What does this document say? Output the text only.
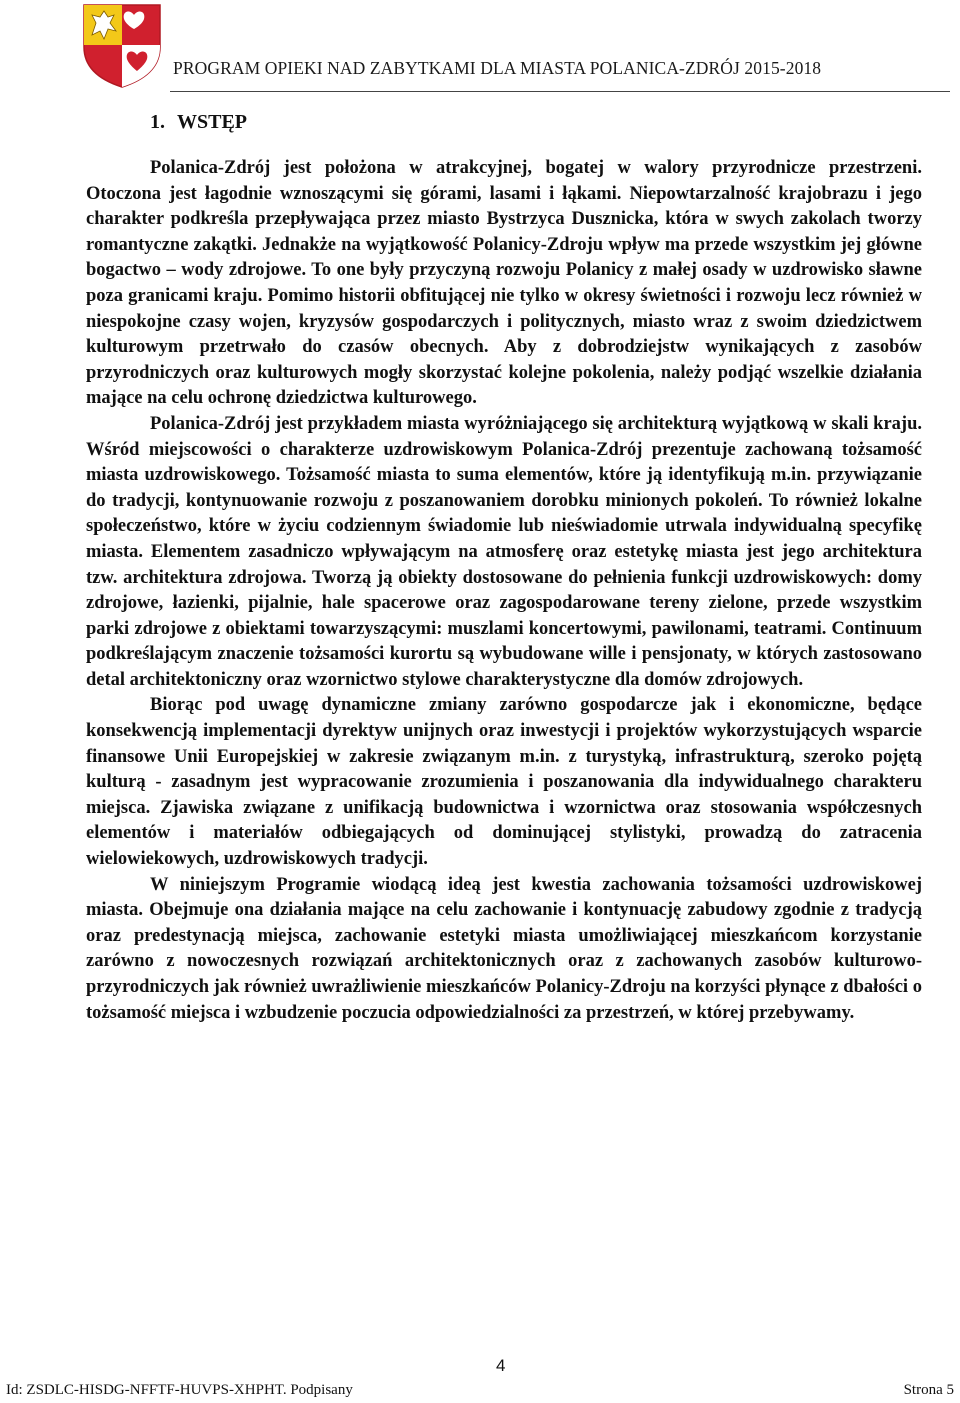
PROGRAM OPIEKI NAD ZABYTKAMI DLA MIASTA POLANICA-ZDRÓJ 2015-2018
1. WSTĘP

Polanica-Zdrój jest położona w atrakcyjnej, bogatej w walory przyrodnicze przestrzeni. Otoczona jest łagodnie wznoszącymi się górami, lasami i łąkami. Niepowtarzalność krajobrazu i jego charakter podkreśla przepływająca przez miasto Bystrzyca Dusznicka, która w swych zakolach tworzy romantyczne zakątki. Jednakże na wyjątkowość Polanicy-Zdroju wpływ ma przede wszystkim jej główne bogactwo – wody zdrojowe. To one były przyczyną rozwoju Polanicy z małej osady w uzdrowisko sławne poza granicami kraju. Pomimo historii obfitującej nie tylko w okresy świetności i rozwoju lecz również w niespokojne czasy wojen, kryzysów gospodarczych i politycznych, miasto wraz z swoim dziedzictwem kulturowym przetrwało do czasów obecnych. Aby z dobrodziejstw wynikających z zasobów przyrodniczych oraz kulturowych mogły skorzystać kolejne pokolenia, należy podjąć wszelkie działania mające na celu ochronę dziedzictwa kulturowego.

Polanica-Zdrój jest przykładem miasta wyróżniającego się architekturą wyjątkową w skali kraju. Wśród miejscowości o charakterze uzdrowiskowym Polanica-Zdrój prezentuje zachowaną tożsamość miasta uzdrowiskowego. Tożsamość miasta to suma elementów, które ją identyfikują m.in. przywiązanie do tradycji, kontynuowanie rozwoju z poszanowaniem dorobku minionych pokoleń. To również lokalne społeczeństwo, które w życiu codziennym świadomie lub nieświadomie utrwala indywidualną specyfikę miasta. Elementem zasadniczo wpływającym na atmosferę oraz estetykę miasta jest jego architektura tzw. architektura zdrojowa. Tworzą ją obiekty dostosowane do pełnienia funkcji uzdrowiskowych: domy zdrojowe, łazienki, pijalnie, hale spacerowe oraz zagospodarowane tereny zielone, przede wszystkim parki zdrojowe z obiektami towarzyszącymi: muszlami koncertowymi, pawilonami, teatrami. Continuum podkreślającym znaczenie tożsamości kurortu są wybudowane wille i pensjonaty, w których zastosowano detal architektoniczny oraz wzornictwo stylowe charakterystyczne dla domów zdrojowych.

Biorąc pod uwagę dynamiczne zmiany zarówno gospodarcze jak i ekonomiczne, będące konsekwencją implementacji dyrektyw unijnych oraz inwestycji i projektów wykorzystujących wsparcie finansowe Unii Europejskiej w zakresie związanym m.in. z turystyką, infrastrukturą, szeroko pojętą kulturą - zasadnym jest wypracowanie zrozumienia i poszanowania dla indywidualnego charakteru miejsca. Zjawiska związane z unifikacją budownictwa i wzornictwa oraz stosowania współczesnych elementów i materiałów odbiegających od dominującej stylistyki, prowadzą do zatracenia wielowiekowych, uzdrowiskowych tradycji.

W niniejszym Programie wiodącą ideą jest kwestia zachowania tożsamości uzdrowiskowej miasta. Obejmuje ona działania mające na celu zachowanie i kontynuację zabudowy zgodnie z tradycją oraz predestynacją miejsca, zachowanie estetyki miasta umożliwiającej mieszkańcom korzystanie zarówno z nowoczesnych rozwiązań architektonicznych oraz z zachowanych zasobów kulturowo-przyrodniczych jak również uwrażliwienie mieszkańców Polanicy-Zdroju na korzyści płynące z dbałości o tożsamość miejsca i wzbudzenie poczucia odpowiedzialności za przestrzeń, w której przebywamy.

4
Id: ZSDLC-HISDG-NFFTF-HUVPS-XHPHT. Podpisany	Strona 5
